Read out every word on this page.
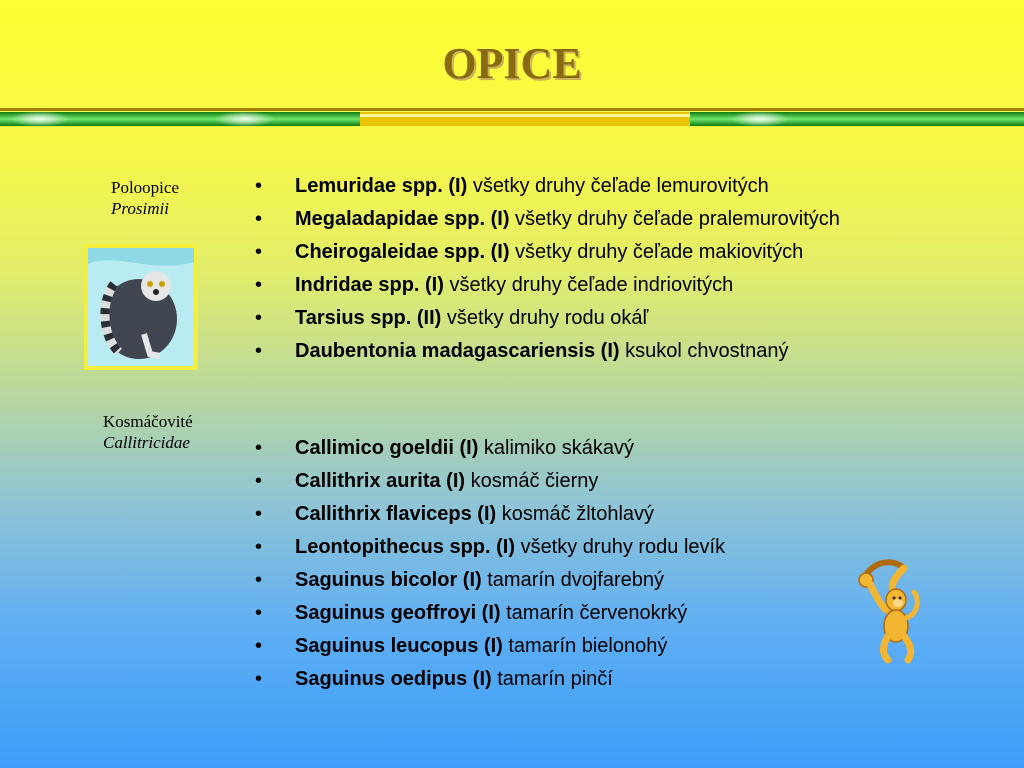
OPICE
Poloopice
Prosimii
• Lemuridae spp. (I) všetky druhy čeľade lemurovitých
• Megaladapidae spp. (I) všetky druhy čeľade pralemurovitých
• Cheirogaleidae spp. (I) všetky druhy čeľade makiovitých
• Indridae spp. (I) všetky druhy čeľade indriovitých
• Tarsius spp. (II) všetky druhy rodu okáľ
• Daubentonia madagascariensis (I) ksukol chvostnaný
Kosmáčovité
Callitricidae	• Callimico goeldii (I) kalimiko skákavý
• Callithrix aurita (I) kosmáč čierny
• Callithrix flaviceps (I) kosmáč žltohlavý
• Leontopithecus spp. (I) všetky druhy rodu levík
• Saguinus bicolor (I) tamarín dvojfarebný
• Saguinus geoffroyi (I) tamarín červenokrký
• Saguinus leucopus (I) tamarín bielonohý
• Saguinus oedipus (I) tamarín pinčí
